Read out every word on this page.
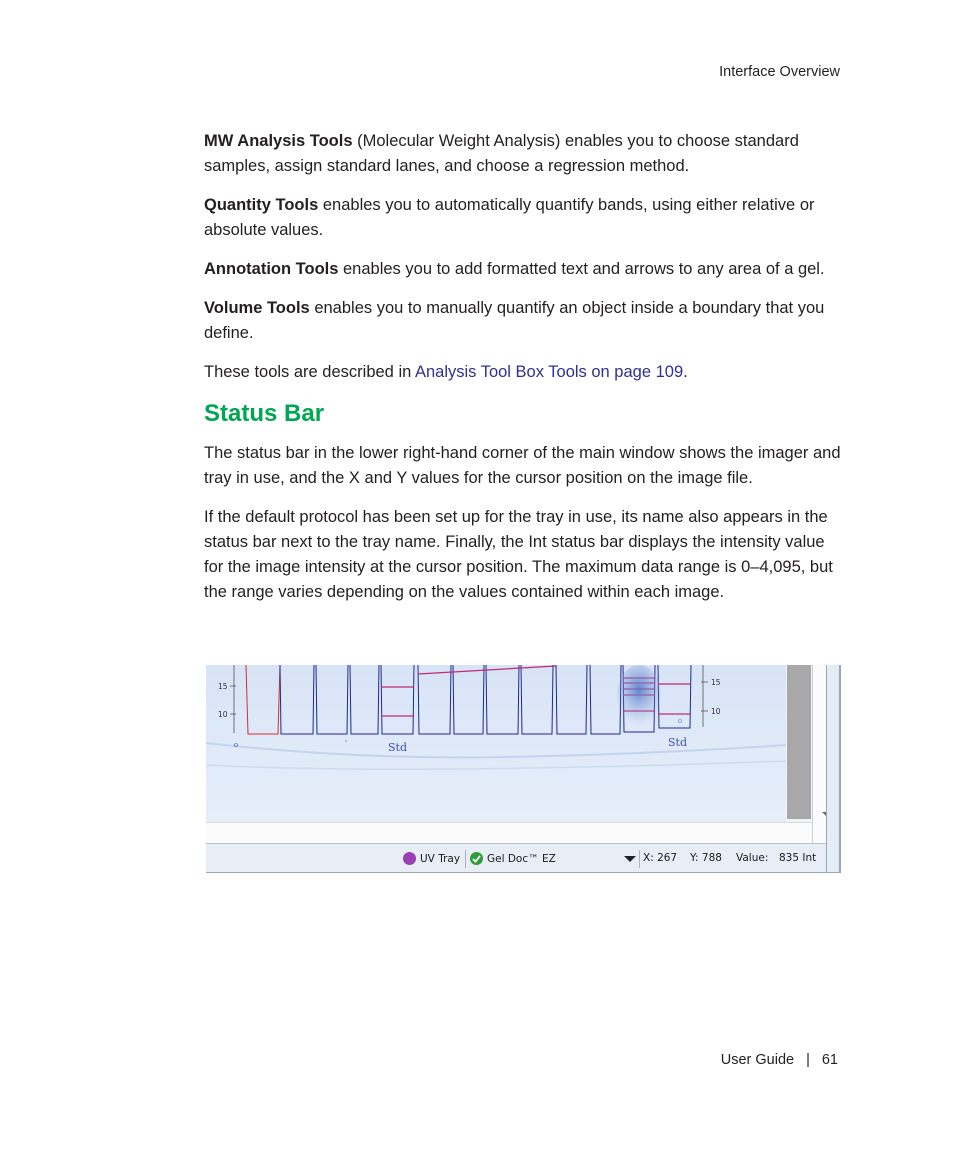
Interface Overview

MW Analysis Tools (Molecular Weight Analysis) enables you to choose standard samples, assign standard lanes, and choose a regression method.

Quantity Tools enables you to automatically quantify bands, using either relative or absolute values.

Annotation Tools enables you to add formatted text and arrows to any area of a gel.

Volume Tools enables you to manually quantify an object inside a boundary that you define.

These tools are described in Analysis Tool Box Tools on page 109.

Status Bar

The status bar in the lower right-hand corner of the main window shows the imager and tray in use, and the X and Y values for the cursor position on the image file.

If the default protocol has been set up for the tray in use, its name also appears in the status bar next to the tray name. Finally, the Int status bar displays the intensity value for the image intensity at the cursor position. The maximum data range is 0–4,095, but the range varies depending on the values contained within each image.

15
10
15
10
Std	Std
UV Tray	Gel Doc™ EZ	X: 267 Y: 788 Value: 835 Int
User Guide | 61
